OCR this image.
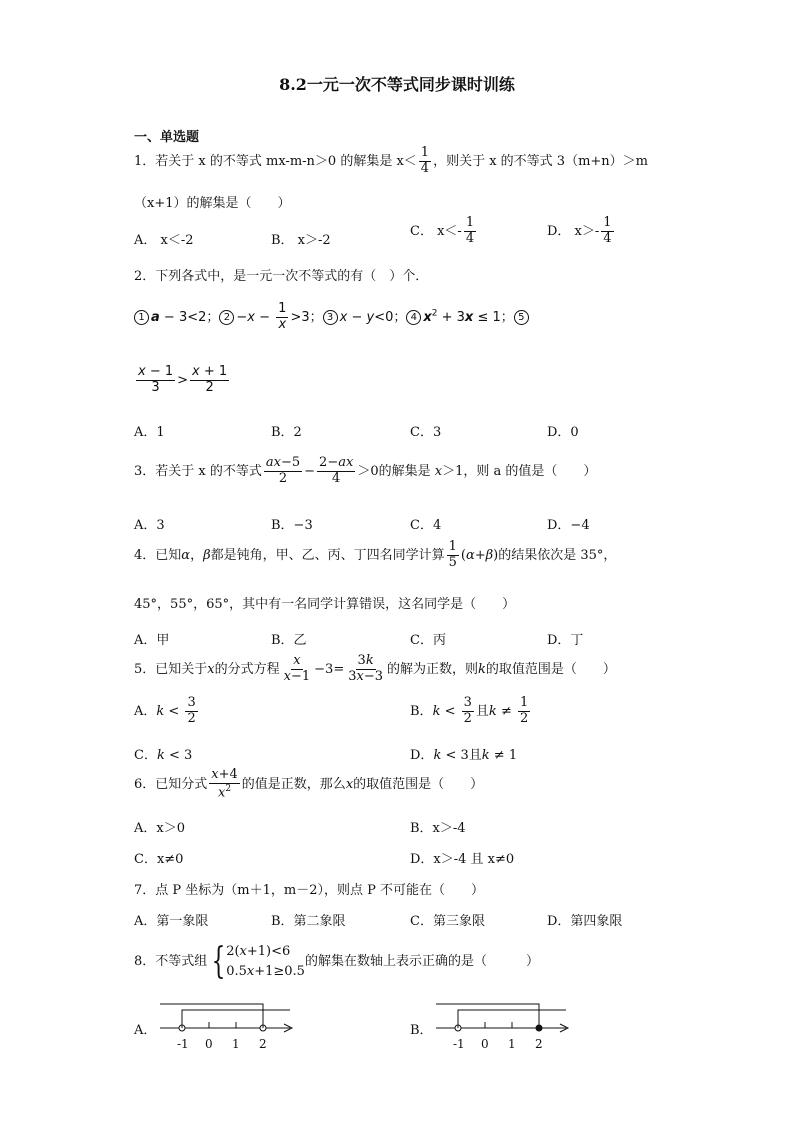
8.2一元一次不等式同步课时训练
一、单选题
1．若关于 x 的不等式 mx-m-n＞0 的解集是 $x< \frac{1}{4}$ ，则关于 x 的不等式 3（m+n）＞m
（x+1）的解集是（　　）
A． x＜-2	B． x＞-2
C． $x<- \frac{1}{4}$	D． $x>- \frac{1}{4}$
2．下列各式中，是一元一次不等式的有（　）个．
1 a − 3<2； $2 -x - \frac{1}{x} >3$； 3 x − y<0； 4 $x^2 + 3x \le 1$； 5
$\frac{x - 1}{3} > \frac{x + 1}{2}$
A．1	B．2	C．3	D．0
3．若关于 x 的不等式 $\frac{ax-5}{2} - \frac{2-ax}{4} >0$的解集是 x＞1，则 a 的值是（　　）
A．3	B．−3	C．4	D．−4
4．已知α，β都是钝角，甲、乙、丙、丁四名同学计算 $\frac{1}{5} (\alpha+\beta)$的结果依次是 35°，
45°，55°，65°，其中有一名同学计算错误，这名同学是（　　）
A．甲	B．乙	C．丙	D．丁
5．已知关于x的分式方程 $\frac{x}{x-1} -3= \frac{3k}{3x-3}$ 的解为正数，则k的取值范围是（　　）
A．$k < \frac{3}{2}$	B．$k < \frac{3}{2}$ 且$k \ne \frac{1}{2}$
C．k < 3	D．k < 3且k ≠ 1
6．已知分式 $\frac{x+4}{x^2}$ 的值是正数，那么x的取值范围是（　　）
A．x＞0	B．x＞-4
C．x≠0	D．x＞-4 且 x≠0
7．点 P 坐标为（m＋1，m－2），则点 P 不可能在（　　）
A．第一象限	B．第二象限	C．第三象限	D．第四象限
8．不等式组 { 2(x+1)<6
0.5x+1≥0.5
的解集在数轴上表示正确的是（　　　）
A．
-1 0 1 2
B．
-1 0 1 2
